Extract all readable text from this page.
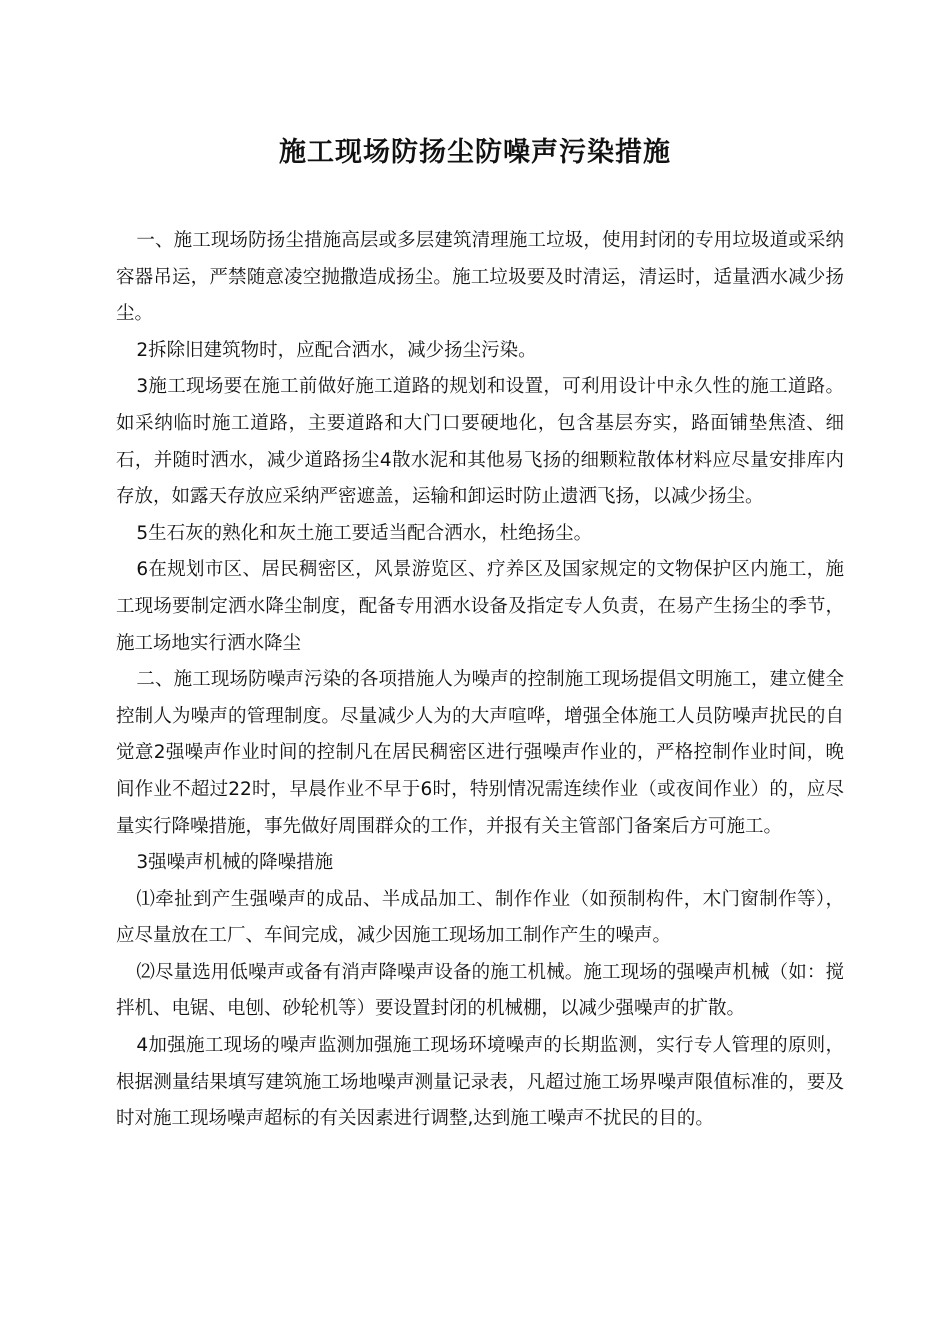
施工现场防扬尘防噪声污染措施

一、施工现场防扬尘措施高层或多层建筑清理施工垃圾，使用封闭的专用垃圾道或采纳容器吊运，严禁随意凌空抛撒造成扬尘。施工垃圾要及时清运，清运时，适量洒水减少扬尘。

2拆除旧建筑物时，应配合洒水，减少扬尘污染。

3施工现场要在施工前做好施工道路的规划和设置，可利用设计中永久性的施工道路。如采纳临时施工道路，主要道路和大门口要硬地化，包含基层夯实，路面铺垫焦渣、细石，并随时洒水，减少道路扬尘4散水泥和其他易飞扬的细颗粒散体材料应尽量安排库内存放，如露天存放应采纳严密遮盖，运输和卸运时防止遗洒飞扬，以减少扬尘。

5生石灰的熟化和灰土施工要适当配合洒水，杜绝扬尘。

6在规划市区、居民稠密区，风景游览区、疗养区及国家规定的文物保护区内施工，施工现场要制定洒水降尘制度，配备专用洒水设备及指定专人负责，在易产生扬尘的季节，施工场地实行洒水降尘

二、施工现场防噪声污染的各项措施人为噪声的控制施工现场提倡文明施工，建立健全控制人为噪声的管理制度。尽量减少人为的大声喧哗，增强全体施工人员防噪声扰民的自觉意2强噪声作业时间的控制凡在居民稠密区进行强噪声作业的，严格控制作业时间，晚间作业不超过22时，早晨作业不早于6时，特别情况需连续作业（或夜间作业）的，应尽量实行降噪措施，事先做好周围群众的工作，并报有关主管部门备案后方可施工。

3强噪声机械的降噪措施

⑴牵扯到产生强噪声的成品、半成品加工、制作作业（如预制构件，木门窗制作等），应尽量放在工厂、车间完成，减少因施工现场加工制作产生的噪声。

⑵尽量选用低噪声或备有消声降噪声设备的施工机械。施工现场的强噪声机械（如：搅拌机、电锯、电刨、砂轮机等）要设置封闭的机械棚，以减少强噪声的扩散。

4加强施工现场的噪声监测加强施工现场环境噪声的长期监测，实行专人管理的原则，根据测量结果填写建筑施工场地噪声测量记录表，凡超过施工场界噪声限值标准的，要及时对施工现场噪声超标的有关因素进行调整,达到施工噪声不扰民的目的。
